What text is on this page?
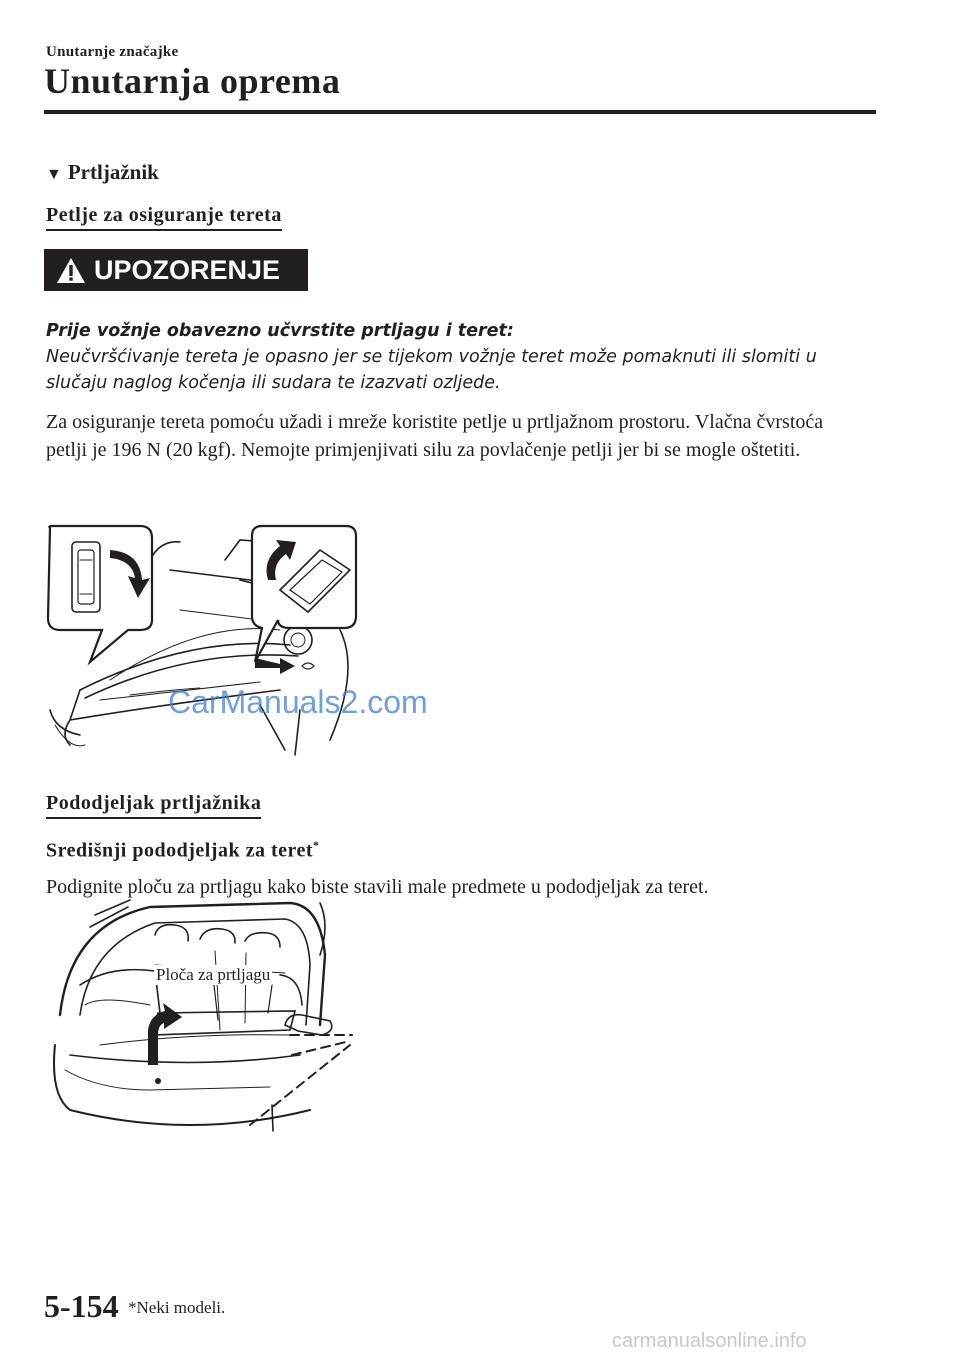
Unutarnje značajke
Unutarnja oprema
▼ Prtljažnik
Petlje za osiguranje tereta
UPOZORENJE
Prije vožnje obavezno učvrstite prtljagu i teret:
Neučvršćivanje tereta je opasno jer se tijekom vožnje teret može pomaknuti ili slomiti u slučaju naglog kočenja ili sudara te izazvati ozljede.
Za osiguranje tereta pomoću užadi i mreže koristite petlje u prtljažnom prostoru. Vlačna čvrstoća petlji je 196 N (20 kgf). Nemojte primjenjivati silu za povlačenje petlji jer bi se mogle oštetiti.
CarManuals2.com
Pododjeljak prtljažnika
Središnji pododjeljak za teret*
Podignite ploču za prtljagu kako biste stavili male predmete u pododjeljak za teret.
Ploča za prtljagu
5-154 *Neki modeli.
carmanualsonline.info
